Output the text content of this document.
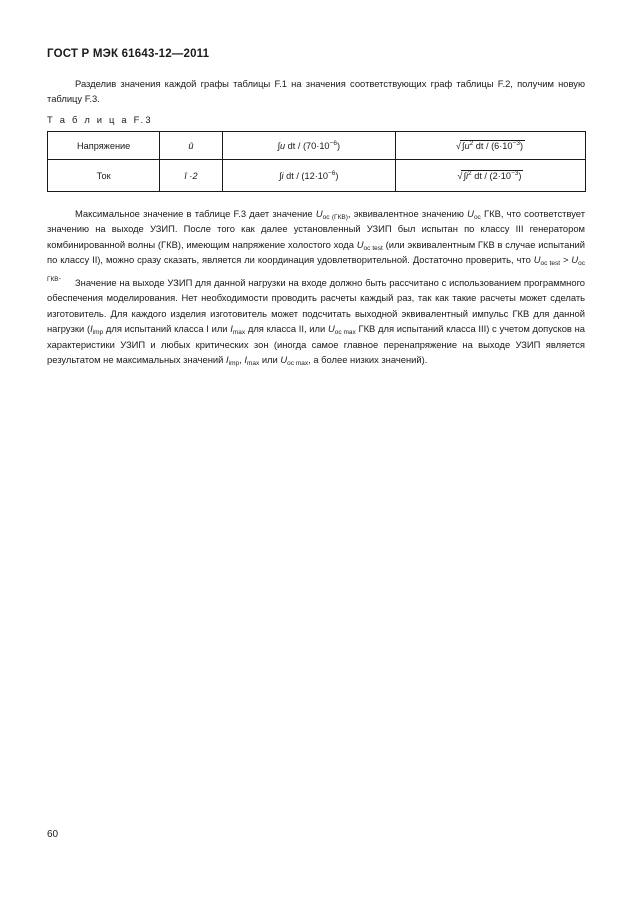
ГОСТ Р МЭК 61643-12—2011

Разделив значения каждой графы таблицы F.1 на значения соответствующих граф таблицы F.2, получим новую таблицу F.3.

Т а б л и ц а F.3
Напряжение	û	∫u dt / $(70\cdot 10^{-6})$	$√\int u^2$ dt / $(6\cdot 10^{-3})$
Ток	î ·2	∫i dt / $(12\cdot 10^{-6})$	$√\int i^2$ dt / $(2\cdot 10^{-3})$

Максимальное значение в таблице F.3 дает значение $U_{oc (ГКВ)}$, эквивалентное значению $U_{oc}$ ГКВ, что соответствует значению на выходе УЗИП. После того как далее установленный УЗИП был испытан по классу III генератором комбинированной волны (ГКВ), имеющим напряжение холостого хода $U_{oc test}$ (или эквивалентным ГКВ в случае испытаний по классу II), можно сразу сказать, является ли координация удовлетворительной. Достаточно проверить, что $U_{oc test} > U_{oc ГКВ}$.

Значение на выходе УЗИП для данной нагрузки на входе должно быть рассчитано с использованием программного обеспечения моделирования. Нет необходимости проводить расчеты каждый раз, так как такие расчеты может сделать изготовитель. Для каждого изделия изготовитель может подсчитать выходной эквивалентный импульс ГКВ для данной нагрузки ($I_{imp}$ для испытаний класса I или $I_{max}$ для класса II, или $U_{oc max}$ ГКВ для испытаний класса III) с учетом допусков на характеристики УЗИП и любых критических зон (иногда самое главное перенапряжение на выходе УЗИП является результатом не максимальных значений $I_{imp}$, $I_{max}$ или $U_{oc max}$, а более низких значений).

60
